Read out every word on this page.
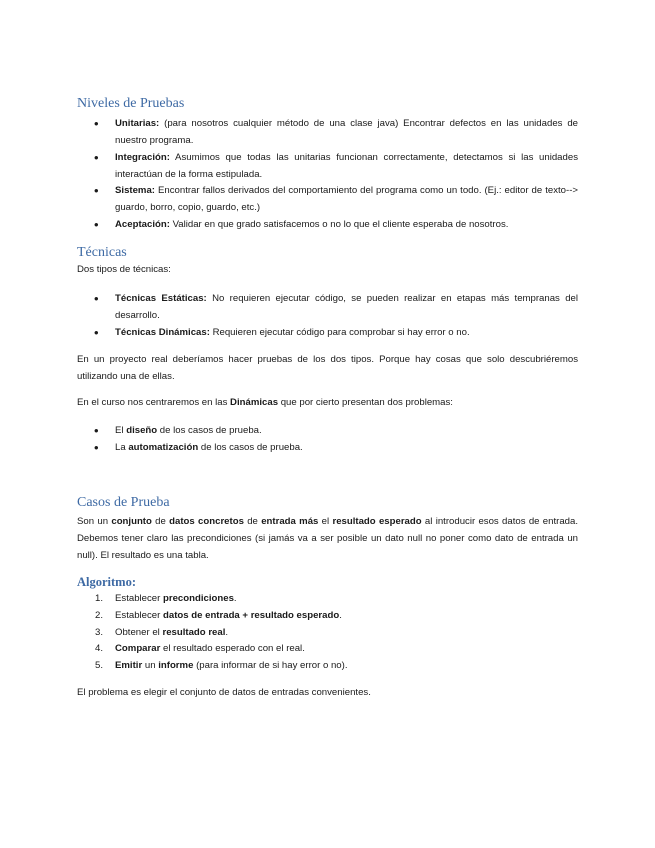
Niveles de Pruebas
•

Unitarias: (para nosotros cualquier método de una clase java) Encontrar defectos en las unidades de nuestro programa.

•

Integración: Asumimos que todas las unitarias funcionan correctamente, detectamos si las unidades interactúan de la forma estipulada.

•

Sistema: Encontrar fallos derivados del comportamiento del programa como un todo. (Ej.: editor de texto--> guardo, borro, copio, guardo, etc.)

•

Aceptación: Validar en que grado satisfacemos o no lo que el cliente esperaba de nosotros.

Técnicas

Dos tipos de técnicas:

•

Técnicas Estáticas: No requieren ejecutar código, se pueden realizar en etapas más tempranas del desarrollo.

•

Técnicas Dinámicas: Requieren ejecutar código para comprobar si hay error o no.

En un proyecto real deberíamos hacer pruebas de los dos tipos. Porque hay cosas que solo descubriéremos utilizando una de ellas.

En el curso nos centraremos en las Dinámicas que por cierto presentan dos problemas:

•

El diseño de los casos de prueba.

•

La automatización de los casos de prueba.

Casos de Prueba

Son un conjunto de datos concretos de entrada más el resultado esperado al introducir esos datos de entrada. Debemos tener claro las precondiciones (si jamás va a ser posible un dato null no poner como dato de entrada un null). El resultado es una tabla.

Algoritmo:
1. Establecer precondiciones.

2. Establecer datos de entrada + resultado esperado.

3. Obtener el resultado real.

4. Comparar el resultado esperado con el real.

5. Emitir un informe (para informar de si hay error o no).

El problema es elegir el conjunto de datos de entradas convenientes.
